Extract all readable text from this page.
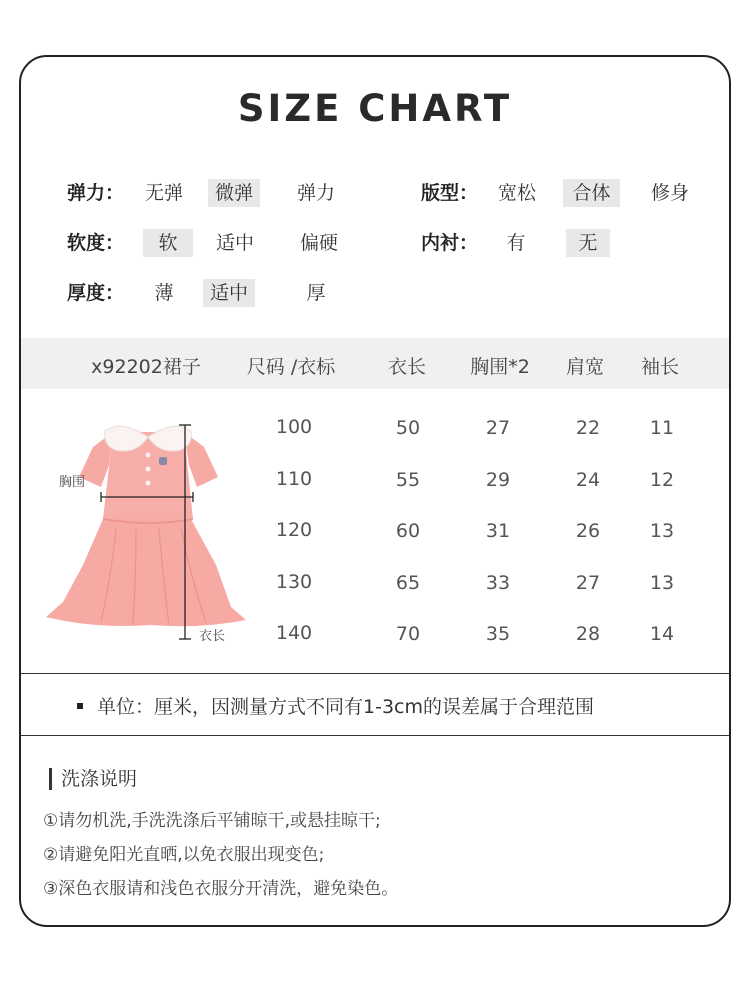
SIZE CHART
弹力： 无弹	微弹	弹力	版型： 宽松	合体	修身
软度：	软	适中 偏硬	内衬： 有	无
厚度： 薄	适中	厚
x92202裙子 尺码 /衣标	衣长 胸围*2 肩宽 袖长
胸围
衣长
100	50	27	22	11
110	55	29	24	12
120	60	31	26	13
130	65	33	27	13
140	70	35	28	14
单位：厘米，因测量方式不同有1-3cm的误差属于合理范围
洗涤说明
①请勿机洗,手洗洗涤后平铺晾干,或悬挂晾干;
②请避免阳光直晒,以免衣服出现变色;
③深色衣服请和浅色衣服分开清洗，避免染色。
